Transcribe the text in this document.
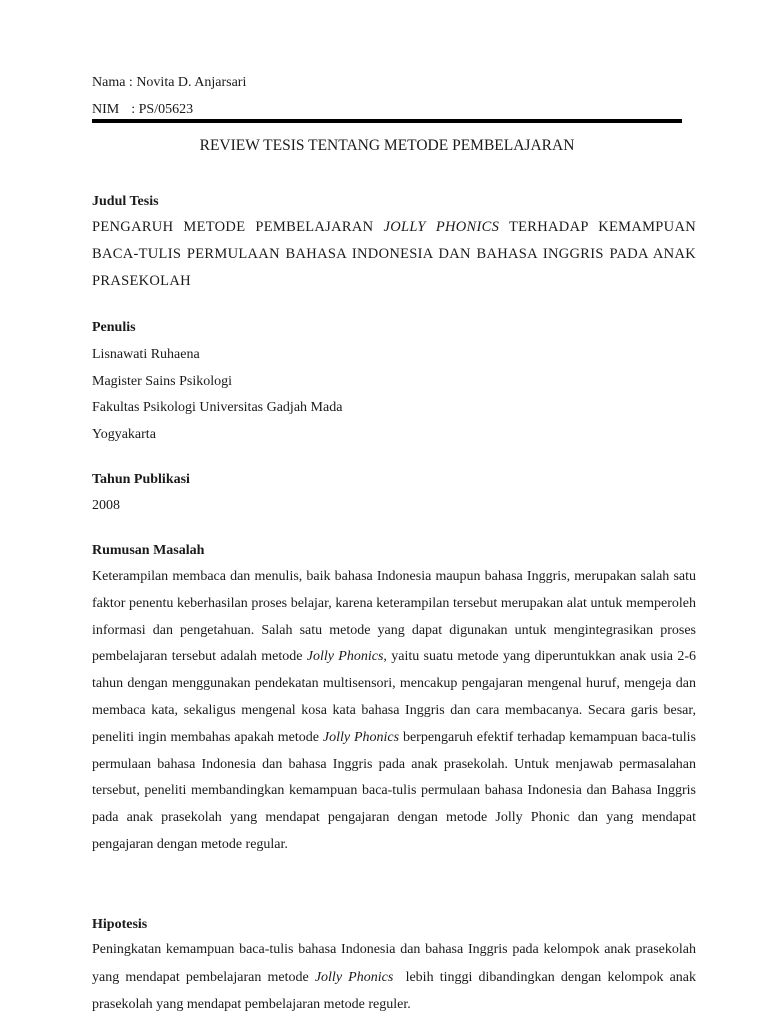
Nama : Novita D. Anjarsari
NIM : PS/05623
REVIEW TESIS TENTANG METODE PEMBELAJARAN
Judul Tesis
PENGARUH METODE PEMBELAJARAN JOLLY PHONICS TERHADAP KEMAMPUAN BACA-TULIS PERMULAAN BAHASA INDONESIA DAN BAHASA INGGRIS PADA ANAK PRASEKOLAH
Penulis
Lisnawati Ruhaena
Magister Sains Psikologi
Fakultas Psikologi Universitas Gadjah Mada
Yogyakarta
Tahun Publikasi
2008
Rumusan Masalah
Keterampilan membaca dan menulis, baik bahasa Indonesia maupun bahasa Inggris, merupakan salah satu faktor penentu keberhasilan proses belajar, karena keterampilan tersebut merupakan alat untuk memperoleh informasi dan pengetahuan. Salah satu metode yang dapat digunakan untuk mengintegrasikan proses pembelajaran tersebut adalah metode Jolly Phonics, yaitu suatu metode yang diperuntukkan anak usia 2-6 tahun dengan menggunakan pendekatan multisensori, mencakup pengajaran mengenal huruf, mengeja dan membaca kata, sekaligus mengenal kosa kata bahasa Inggris dan cara membacanya. Secara garis besar, peneliti ingin membahas apakah metode Jolly Phonics berpengaruh efektif terhadap kemampuan baca-tulis permulaan bahasa Indonesia dan bahasa Inggris pada anak prasekolah. Untuk menjawab permasalahan tersebut, peneliti membandingkan kemampuan baca-tulis permulaan bahasa Indonesia dan Bahasa Inggris pada anak prasekolah yang mendapat pengajaran dengan metode Jolly Phonic dan yang mendapat pengajaran dengan metode regular.
Hipotesis
Peningkatan kemampuan baca-tulis bahasa Indonesia dan bahasa Inggris pada kelompok anak prasekolah yang mendapat pembelajaran metode Jolly Phonics  lebih tinggi dibandingkan dengan kelompok anak prasekolah yang mendapat pembelajaran metode reguler.
